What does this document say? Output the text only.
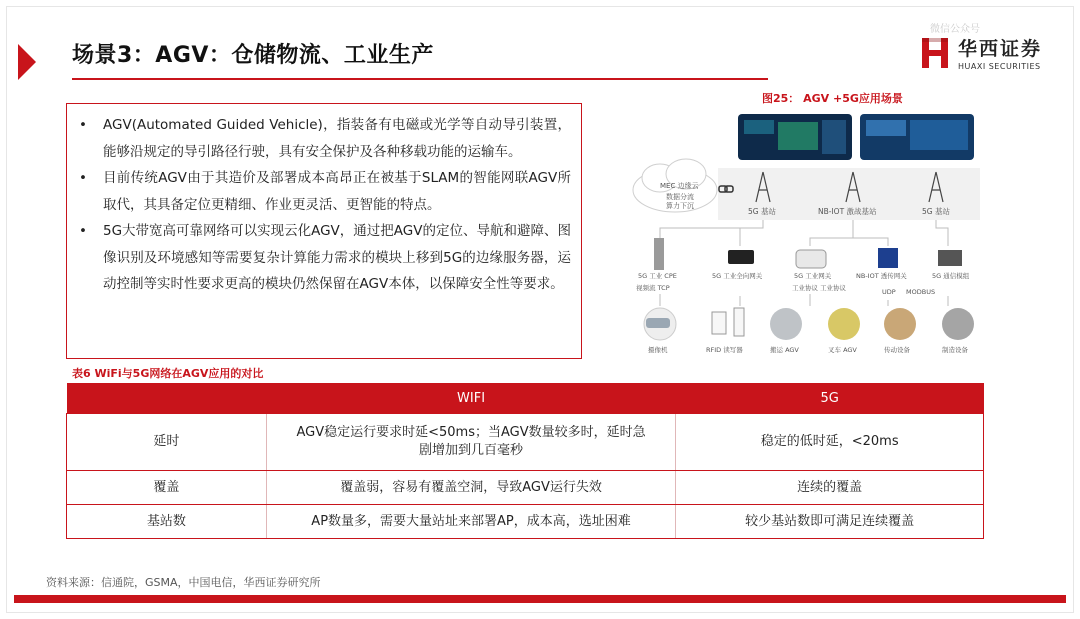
场景3：AGV：仓储物流、工业生产
微信公众号
华西证券
HUAXI SECURITIES
•	AGV(Automated Guided Vehicle)，指装备有电磁或光学等自动导引装置，能够沿规定的导引路径行驶，具有安全保护及各种移载功能的运输车。
•	目前传统AGV由于其造价及部署成本高昂正在被基于SLAM的智能网联AGV所取代，其具备定位更精细、作业更灵活、更智能的特点。
•	5G大带宽高可靠网络可以实现云化AGV，通过把AGV的定位、导航和避障、图像识别及环境感知等需要复杂计算能力需求的模块上移到5G的边缘服务器，运动控制等实时性要求更高的模块仍然保留在AGV本体，以保障安全性等要求。
图25： AGV +5G应用场景
MEC 边缘云
数据分流
算力下沉
5G 基站	NB-IOT 激战基站	5G 基站
5G 工业 CPE
视频流 TCP
5G 工业全向网关	5G 工业网关
工业协议 工业协议
NB-IOT 透传网关
UDP
5G 通信模组
MODBUS
摄像机	RFID 读写器	搬运 AGV	叉车 AGV	传动设备	制造设备
表6 WiFi与5G网络在AGV应用的对比
	WIFI	5G
延时	AGV稳定运行要求时延<50ms；当AGV数量较多时，延时急
剧增加到几百毫秒	稳定的低时延，<20ms
覆盖	覆盖弱，容易有覆盖空洞，导致AGV运行失效	连续的覆盖
基站数	AP数量多，需要大量站址来部署AP，成本高，选址困难	较少基站数即可满足连续覆盖
资料来源：信通院，GSMA，中国电信，华西证券研究所
